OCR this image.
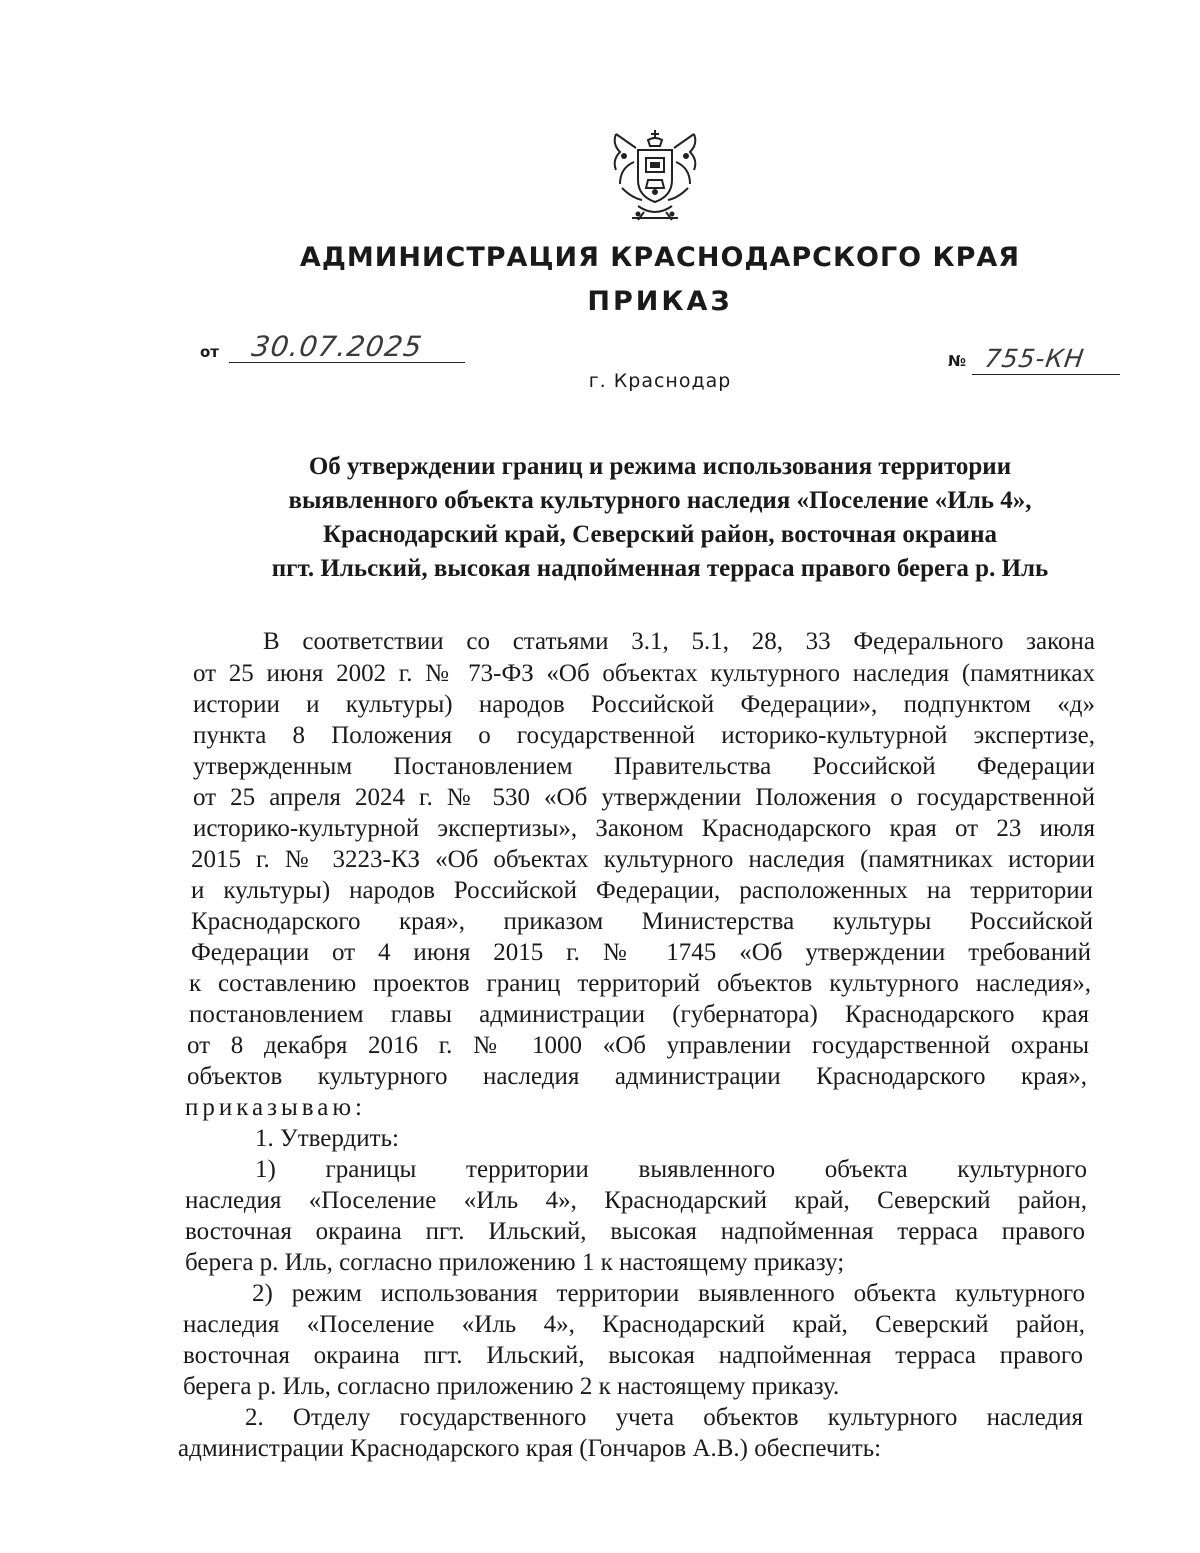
АДМИНИСТРАЦИЯ КРАСНОДАРСКОГО КРАЯ
ПРИКАЗ
от 30.07.2025	№ 755-КН
г. Краснодар
Об утверждении границ и режима использования территории
выявленного объекта культурного наследия «Поселение «Иль 4»,
Краснодарский край, Северский район, восточная окраина
пгт. Ильский, высокая надпойменная терраса правого берега р. Иль
В соответствии со статьями 3.1, 5.1, 28, 33 Федерального закона
от 25 июня 2002 г. № 73-ФЗ «Об объектах культурного наследия (памятниках
истории и культуры) народов Российской Федерации», подпунктом «д»
пункта 8 Положения о государственной историко-культурной экспертизе,
утвержденным Постановлением Правительства Российской Федерации
от 25 апреля 2024 г. № 530 «Об утверждении Положения о государственной
историко-культурной экспертизы», Законом Краснодарского края от 23 июля
2015 г. № 3223-КЗ «Об объектах культурного наследия (памятниках истории
и культуры) народов Российской Федерации, расположенных на территории
Краснодарского края», приказом Министерства культуры Российской
Федерации от 4 июня 2015 г. № 1745 «Об утверждении требований
к составлению проектов границ территорий объектов культурного наследия»,
постановлением главы администрации (губернатора) Краснодарского края
от 8 декабря 2016 г. № 1000 «Об управлении государственной охраны
объектов культурного наследия администрации Краснодарского края»,
приказываю:
1. Утвердить:
1) границы территории выявленного объекта культурного
наследия «Поселение «Иль 4», Краснодарский край, Северский район,
восточная окраина пгт. Ильский, высокая надпойменная терраса правого
берега р. Иль, согласно приложению 1 к настоящему приказу;
2) режим использования территории выявленного объекта культурного
наследия «Поселение «Иль 4», Краснодарский край, Северский район,
восточная окраина пгт. Ильский, высокая надпойменная терраса правого
берега р. Иль, согласно приложению 2 к настоящему приказу.
2. Отделу государственного учета объектов культурного наследия
администрации Краснодарского края (Гончаров А.В.) обеспечить:
